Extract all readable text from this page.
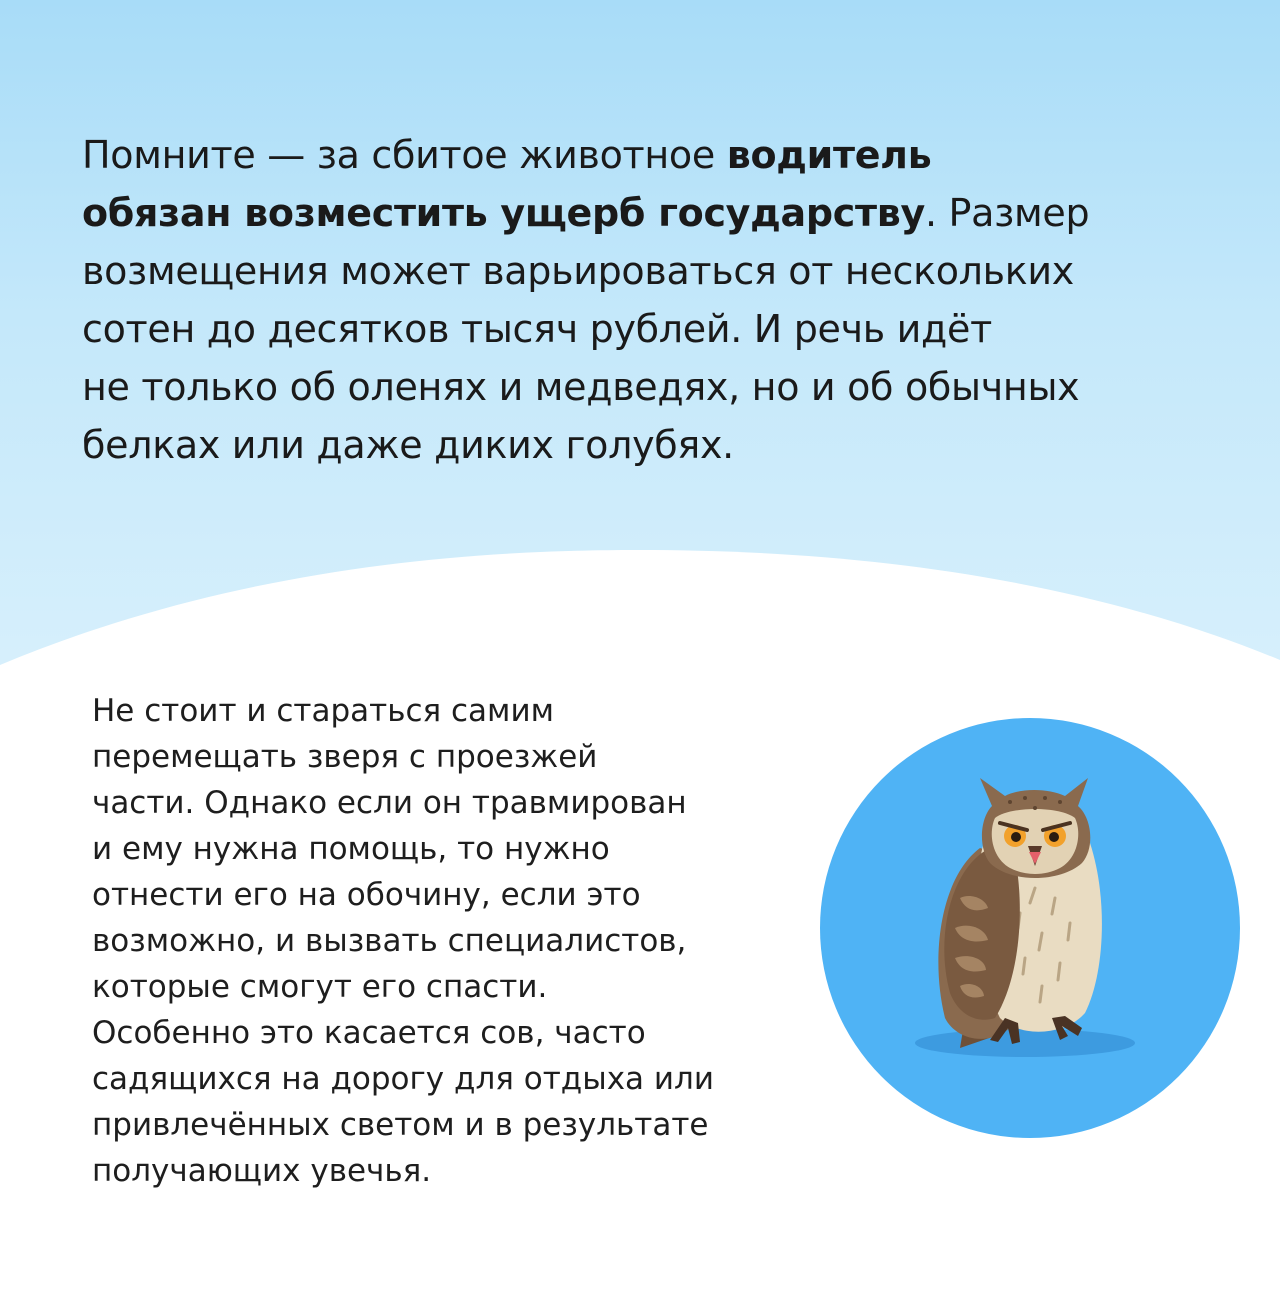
Помните — за сбитое животное водитель
обязан возместить ущерб государству. Размер
возмещения может варьироваться от нескольких
сотен до десятков тысяч рублей. И речь идёт
не только об оленях и медведях, но и об обычных
белках или даже диких голубях.
Не стоит и стараться самим
перемещать зверя с проезжей
части. Однако если он травмирован
и ему нужна помощь, то нужно
отнести его на обочину, если это
возможно, и вызвать специалистов,
которые смогут его спасти.
Особенно это касается сов, часто
садящихся на дорогу для отдыха или
привлечённых светом и в результате
получающих увечья.
